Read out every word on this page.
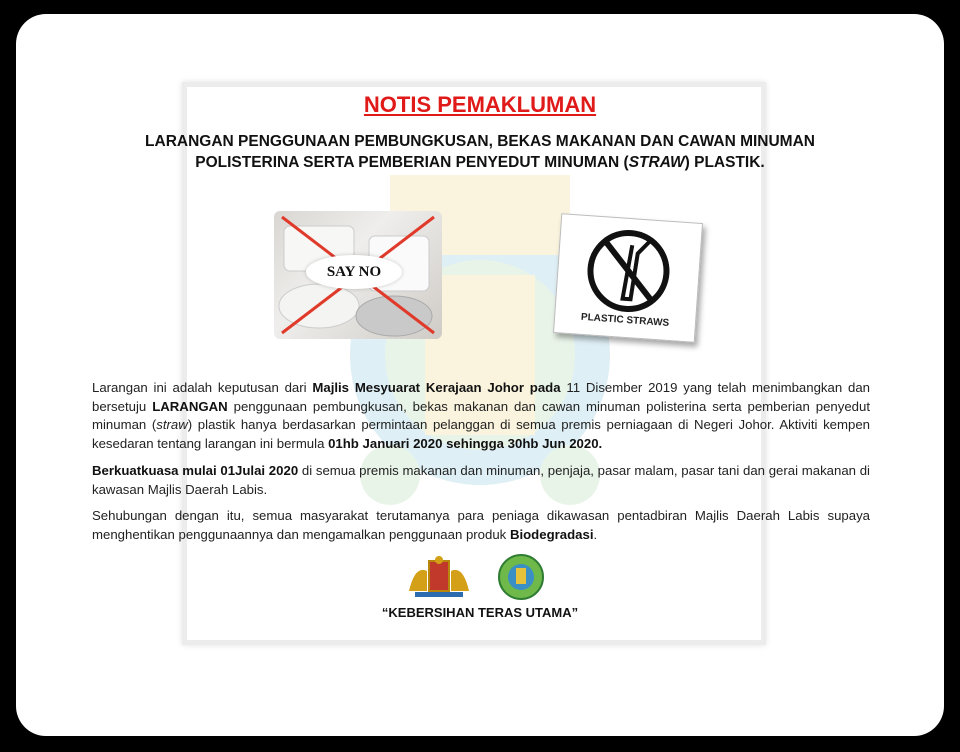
NOTIS PEMAKLUMAN

LARANGAN PENGGUNAAN PEMBUNGKUSAN, BEKAS MAKANAN DAN CAWAN MINUMAN
POLISTERINA SERTA PEMBERIAN PENYEDUT MINUMAN (STRAW) PLASTIK.

SAY NO
PLASTIC STRAWS

Larangan ini adalah keputusan dari Majlis Mesyuarat Kerajaan Johor pada 11 Disember 2019 yang telah menimbangkan dan bersetuju LARANGAN penggunaan pembungkusan, bekas makanan dan cawan minuman polisterina serta pemberian penyedut minuman (straw) plastik hanya berdasarkan permintaan pelanggan di semua premis perniagaan di Negeri Johor. Aktiviti kempen kesedaran tentang larangan ini bermula 01hb Januari 2020 sehingga 30hb Jun 2020.

Berkuatkuasa mulai 01Julai 2020 di semua premis makanan dan minuman, penjaja, pasar malam, pasar tani dan gerai makanan di kawasan Majlis Daerah Labis.

Sehubungan dengan itu, semua masyarakat terutamanya para peniaga dikawasan pentadbiran Majlis Daerah Labis supaya menghentikan penggunaannya dan mengamalkan penggunaan produk Biodegradasi.

“KEBERSIHAN TERAS UTAMA”
